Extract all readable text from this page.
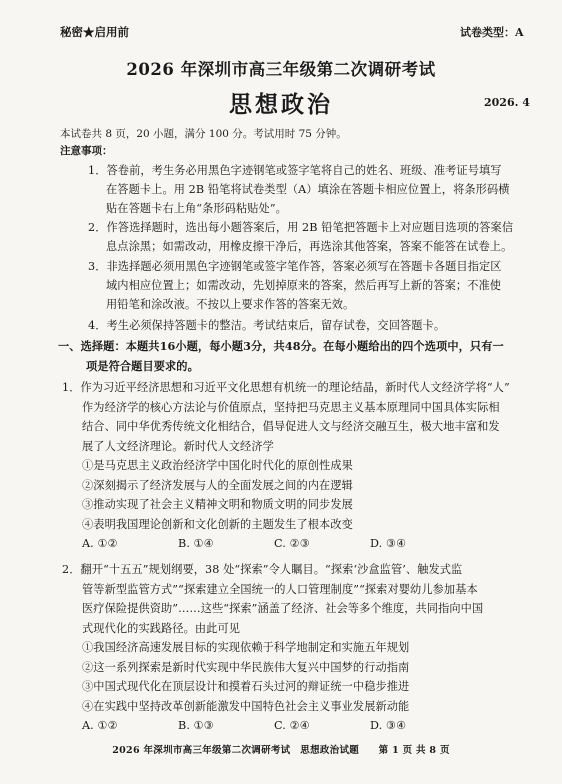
秘密★启用前	试卷类型：A
2026 年深圳市高三年级第二次调研考试
思想政治	2026. 4
本试卷共 8 页，20 小题，满分 100 分。考试用时 75 分钟。
注意事项：
1．答卷前，考生务必用黑色字迹钢笔或签字笔将自己的姓名、班级、准考证号填写
在答题卡上。用 2B 铅笔将试卷类型（A）填涂在答题卡相应位置上，将条形码横
贴在答题卡右上角“条形码粘贴处”。
2．作答选择题时，选出每小题答案后，用 2B 铅笔把答题卡上对应题目选项的答案信
息点涂黑；如需改动，用橡皮擦干净后，再选涂其他答案，答案不能答在试卷上。
3．非选择题必须用黑色字迹钢笔或签字笔作答，答案必须写在答题卡各题目指定区
域内相应位置上；如需改动，先划掉原来的答案，然后再写上新的答案；不准使
用铅笔和涂改液。不按以上要求作答的答案无效。
4．考生必须保持答题卡的整洁。考试结束后，留存试卷，交回答题卡。
一、选择题：本题共16小题，每小题3分，共48分。在每小题给出的四个选项中，只有一
项是符合题目要求的。
1．作为习近平经济思想和习近平文化思想有机统一的理论结晶，新时代人文经济学将“人”
作为经济学的核心方法论与价值原点，坚持把马克思主义基本原理同中国具体实际相
结合、同中华优秀传统文化相结合，倡导促进人文与经济交融互生，极大地丰富和发
展了人文经济理论。新时代人文经济学
①是马克思主义政治经济学中国化时代化的原创性成果
②深刻揭示了经济发展与人的全面发展之间的内在逻辑
③推动实现了社会主义精神文明和物质文明的同步发展
④表明我国理论创新和文化创新的主题发生了根本改变
A. ①②	B. ①④	C. ②③	D. ③④
2．翻开“十五五”规划纲要，38 处“探索”令人瞩目。“探索‘沙盒监管’、触发式监
管等新型监管方式”“探索建立全国统一的人口管理制度”“探索对婴幼儿参加基本
医疗保险提供资助”……这些“探索”涵盖了经济、社会等多个维度，共同指向中国
式现代化的实践路径。由此可见
①我国经济高速发展目标的实现依赖于科学地制定和实施五年规划
②这一系列探索是新时代实现中华民族伟大复兴中国梦的行动指南
③中国式现代化在顶层设计和摸着石头过河的辩证统一中稳步推进
④在实践中坚持改革创新能激发中国特色社会主义事业发展新动能
A. ①②	B. ①③	C. ②④	D. ③④
2026 年深圳市高三年级第二次调研考试　思想政治试题　　第 1 页 共 8 页
